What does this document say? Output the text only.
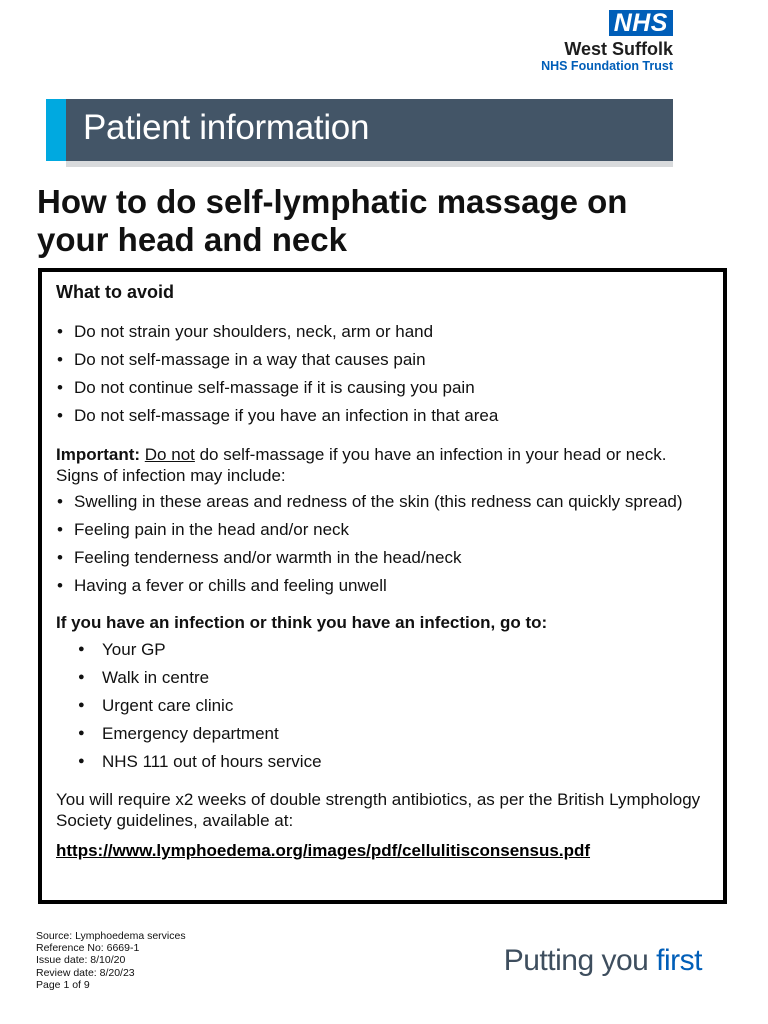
NHS
West Suffolk
NHS Foundation Trust
Patient information
How to do self-lymphatic massage on
your head and neck
What to avoid
• Do not strain your shoulders, neck, arm or hand
• Do not self-massage in a way that causes pain
• Do not continue self-massage if it is causing you pain
• Do not self-massage if you have an infection in that area
Important: Do not do self-massage if you have an infection in your head or neck. Signs of infection may include:
• Swelling in these areas and redness of the skin (this redness can quickly spread)
• Feeling pain in the head and/or neck
• Feeling tenderness and/or warmth in the head/neck
• Having a fever or chills and feeling unwell
If you have an infection or think you have an infection, go to:
● Your GP
● Walk in centre
● Urgent care clinic
● Emergency department
● NHS 111 out of hours service
You will require x2 weeks of double strength antibiotics, as per the British Lymphology Society guidelines, available at:
https://www.lymphoedema.org/images/pdf/cellulitisconsensus.pdf
Source: Lymphoedema services
Reference No: 6669-1
Issue date: 8/10/20
Review date: 8/20/23
Page 1 of 9
Putting you first
